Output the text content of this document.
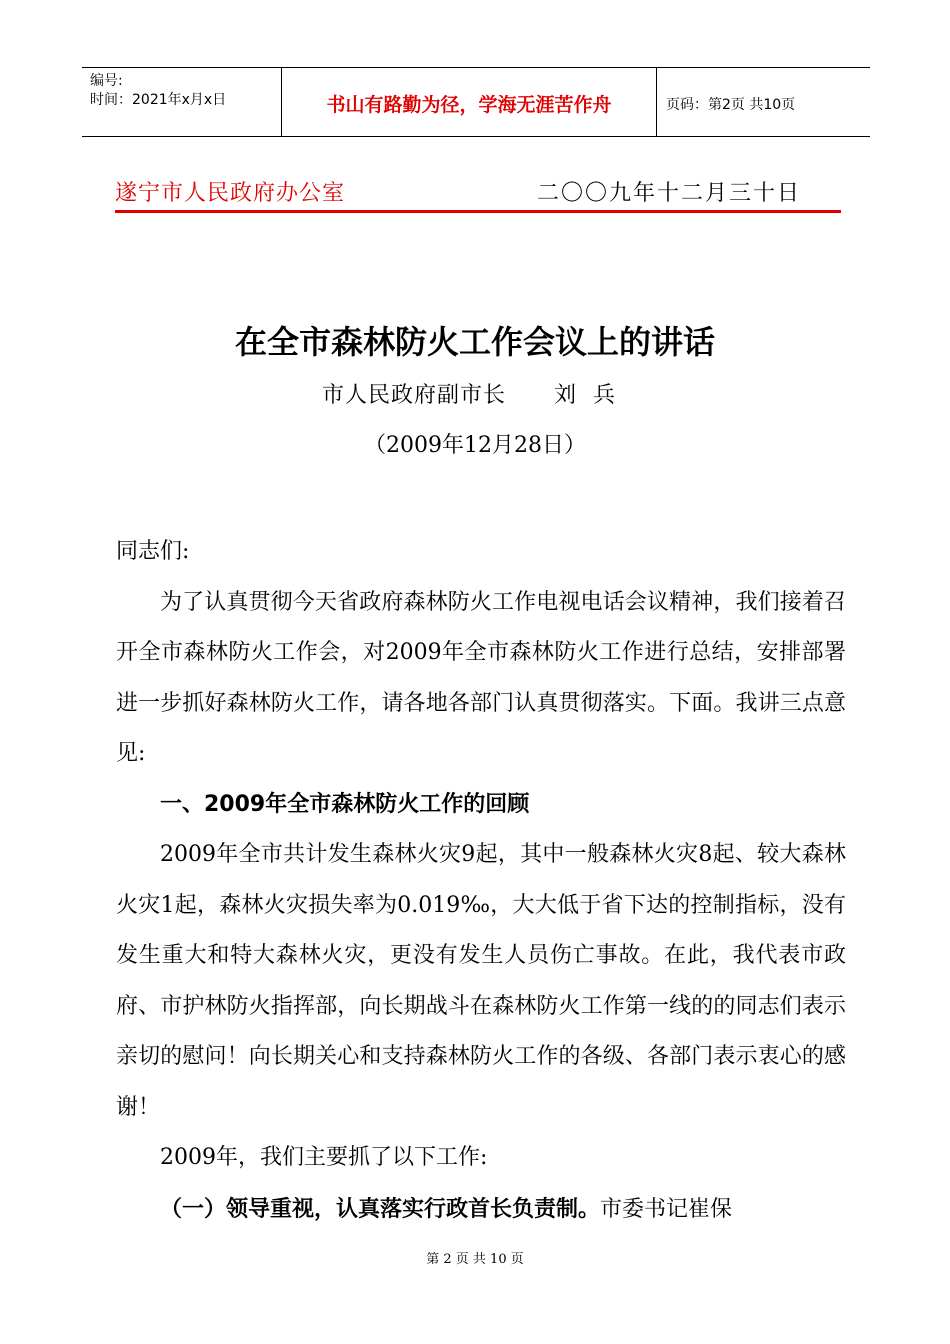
编号:
时间：2021年x月x日	书山有路勤为径，学海无涯苦作舟	页码：第2页 共10页
遂宁市人民政府办公室	二〇〇九年十二月三十日
在全市森林防火工作会议上的讲话
市人民政府副市长      刘  兵
（2009年12月28日）

同志们:

为了认真贯彻今天省政府森林防火工作电视电话会议精神，我们接着召开全市森林防火工作会，对2009年全市森林防火工作进行总结，安排部署进一步抓好森林防火工作，请各地各部门认真贯彻落实。下面。我讲三点意见:

一、2009年全市森林防火工作的回顾

2009年全市共计发生森林火灾9起，其中一般森林火灾8起、较大森林火灾1起，森林火灾损失率为0.019‰，大大低于省下达的控制指标，没有发生重大和特大森林火灾，更没有发生人员伤亡事故。在此，我代表市政府、市护林防火指挥部，向长期战斗在森林防火工作第一线的的同志们表示亲切的慰问！向长期关心和支持森林防火工作的各级、各部门表示衷心的感谢！

2009年，我们主要抓了以下工作:

（一）领导重视，认真落实行政首长负责制。市委书记崔保

第 2 页 共 10 页
